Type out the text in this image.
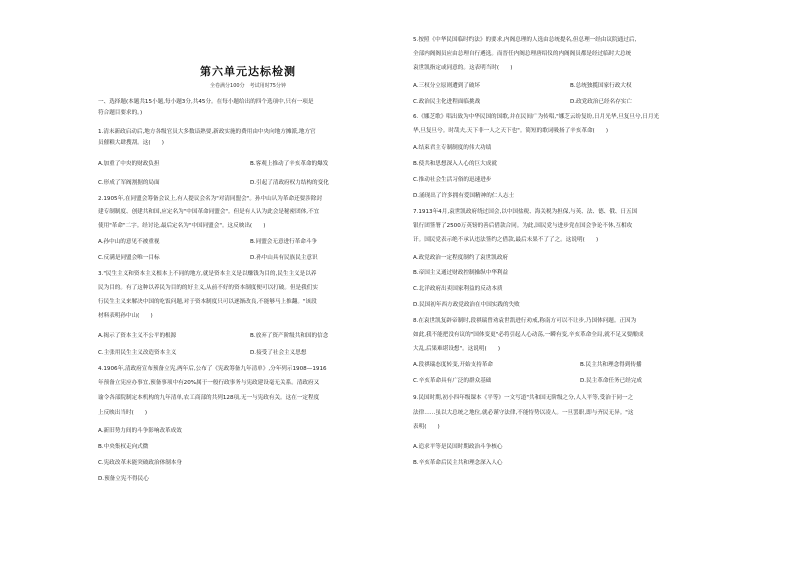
第六单元达标检测
全卷满分100分　考试用时75分钟
一、选择题(本题共15小题,每小题3分,共45分。在每小题给出的四个选项中,只有一项是
符合题目要求的。)
1.清末新政启动后,地方各级官员大多数谙熟要,新政实施的费用由中央向地方摊派,地方官
员催粮大肆搜刮。这(　　)
A.加重了中央的财政负担	B.客观上推动了辛亥革命的爆发
C.形成了军阀割据的局面	D.引起了清政府权力结构的变化
2.1905年,在同盟会筹备会议上,有人提议会名为"对清同盟会"。孙中山认为革命还要涉除封
建专制制度、创建共和国,应定名为"中国革命同盟会"。但是有人认为此会是秘密团体,不宜
使用"革命"二字。经讨论,最后定名为"中国同盟会"。这反映出(　　)
A.孙中山的意见不被重视	B.同盟会无意进行革命斗争
C.反满是同盟会唯一目标	D.孙中山具有民族民主意识
3."民生主义和资本主义根本上不同的地方,就是资本主义是以赚钱为目的,民生主义是以养
民为目的。有了这种以养民为目的的好主义,从前不好的资本制度便可以打破。但是我们实
行民生主义来解决中国的吃饭问题,对于资本制度只可以逐渐改良,不能够马上推翻。"该段
材料表明孙中山(　　)
A.揭示了资本主义不公平的根源	B.放弃了资产阶级共和国的信念
C.主张用民生主义改造资本主义	D.接受了社会主义思想
4.1906年,清政府宣布预备立宪,两年后,公布了《宪政筹备九年清单》,分年列示1908—1916
年预备立宪应办事宜,预备事项中有20%属于一般行政事务与宪政建设毫无关系。清政府又
谕令各部院制定本机构的九年清单,农工商部的共列128项,无一与宪政有关。这在一定程度
上反映出当时(　　)
A.新旧势力间的斗争影响改革成效
B.中央集权走向式微
C.宪政改革未能突破政治体制本身
D.预备立宪不得民心
5.按照《中华民国临时约法》的要求,内阁总理的人选由总统提名,但总理一经由议院通过后,
全部内阁阁员应由总理自行遴选。而晋任内阁总理唐绍仪的内阁阁员都是经过临时大总统
袁世凯指定或同意的。这表明当时(　　)
A.三权分立原则遭到了破坏	B.总统独揽国家行政大权
C.政治民主化进程面临挑战	D.政党政治已经名存实亡
6.《娜芝歌》唱出致为中华民国的国歌,并在民间广为传唱,"娜芝云纷复纷,日月光华,旦复旦兮,日月光
华,旦复旦兮。时哉夫,天下非一人之天下也"。简短的歌词吸扬了辛亥革命(　　)
A.结束君主专制制度的伟大功绩
B.使共和思想深入人心的巨大成就
C.推动社会生活习俗的迅速进步
D.涌现出了许多拥有爱国精神的仁人志士
7.1913年4月,袁世凯政府绕过国会,以中国盐税、海关税为担保,与英、法、德、俄、日五国
银行团签署了2500万英镑的善后借款合同。为此,国民党与进步党在国会争论不休,互相攻
讦。国民党表示绝不承认违法签约之借款,最后未果不了了之。这说明(　　)
A.政党政治一定程度制约了袁世凯政府
B.帝国主义通过财政控制操纵中华利益
C.北洋政府出卖国家利益的反动本质
D.民国初年西方政党政治在中国实践的失败
8.在袁世凯复辟帝制时,段祺瑞曾劝袁世凯进行劝戒,称南方可以不让步,乃国体问题。正因为
如此,我不能把没有议的"国体变更"必将引起人心动荡,一瞬有变,辛亥革命全局,就不足又要酿成
大乱,后果难堪设想"。这说明(　　)
A.段祺瑞态度转变,开始支持革命	B.民主共和理念得到传播
C.辛亥革命具有广泛的群众基础	D.民主革命任务已经完成
9.民国时期,初小四年级课本《平等》一文写道"共和国无阶级之分,人人平等,受治于同一之
法律……虽以大总统之地位,就必谨守法律,不能恃势以凌人。一旦罢职,即与齐民无异。"这
表明(　　)
A.追求平等是民国时期政治斗争核心
B.辛亥革命后民主共和理念深入人心
